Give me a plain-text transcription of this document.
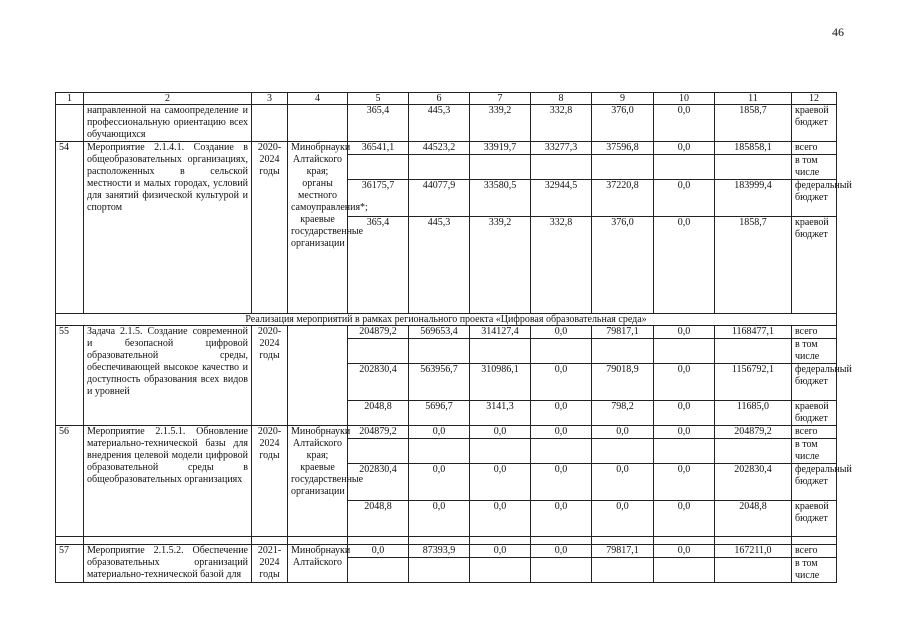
46
1	2	3	4	5	6	7	8	9	10	11	12
	направленной на самоопределение и профессиональную ориентацию всех обучающихся			365,4	445,3	339,2	332,8	376,0	0,0	1858,7	краевой бюджет
54	Мероприятие 2.1.4.1. Создание в общеобразовательных организациях, расположенных в сельской местности и малых городах, условий для занятий физической культурой и спортом	2020-2024 годы	Минобрнауки Алтайского края; органы местного самоуправления*; краевые государственные организации	36541,1	44523,2	33919,7	33277,3	37596,8	0,0	185858,1	всего
											в том числе
				36175,7	44077,9	33580,5	32944,5	37220,8	0,0	183999,4	федеральный бюджет
				365,4	445,3	339,2	332,8	376,0	0,0	1858,7	краевой бюджет
Реализация мероприятий в рамках регионального проекта «Цифровая образовательная среда»											
55	Задача 2.1.5. Создание современной и безопасной цифровой образовательной среды, обеспечивающей высокое качество и доступность образования всех видов и уровней	2020-2024 годы		204879,2	569653,4	314127,4	0,0	79817,1	0,0	1168477,1	всего
											в том числе
				202830,4	563956,7	310986,1	0,0	79018,9	0,0	1156792,1	федеральный бюджет
				2048,8	5696,7	3141,3	0,0	798,2	0,0	11685,0	краевой бюджет
56	Мероприятие 2.1.5.1. Обновление материально-технической базы для внедрения целевой модели цифровой образовательной среды в общеобразовательных организациях	2020-2024 годы	Минобрнауки Алтайского края; краевые государственные организации	204879,2	0,0	0,0	0,0	0,0	0,0	204879,2	всего
											в том числе
				202830,4	0,0	0,0	0,0	0,0	0,0	202830,4	федеральный бюджет
				2048,8	0,0	0,0	0,0	0,0	0,0	2048,8	краевой бюджет

57	Мероприятие 2.1.5.2. Обеспечение образовательных организаций материально-технической базой для	2021-2024 годы	Минобрнауки Алтайского	0,0	87393,9	0,0	0,0	79817,1	0,0	167211,0	всего
											в том числе
